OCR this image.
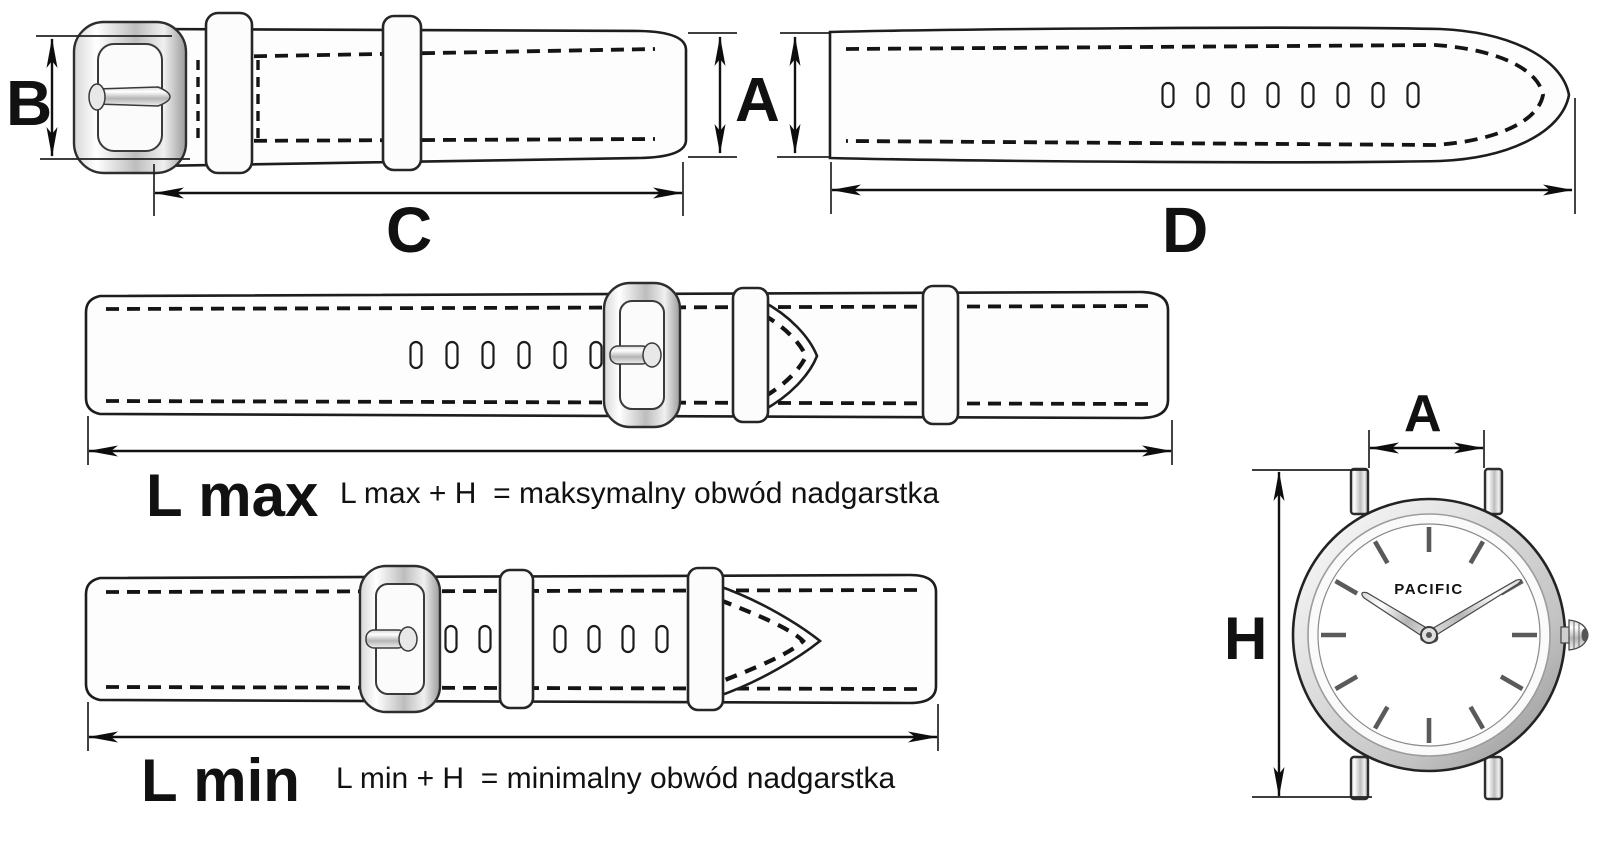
B
C
A
D
L max L max + H  = maksymalny obwód nadgarstka
L min L min + H  = minimalny obwód nadgarstka
PACIFIC
A
H
